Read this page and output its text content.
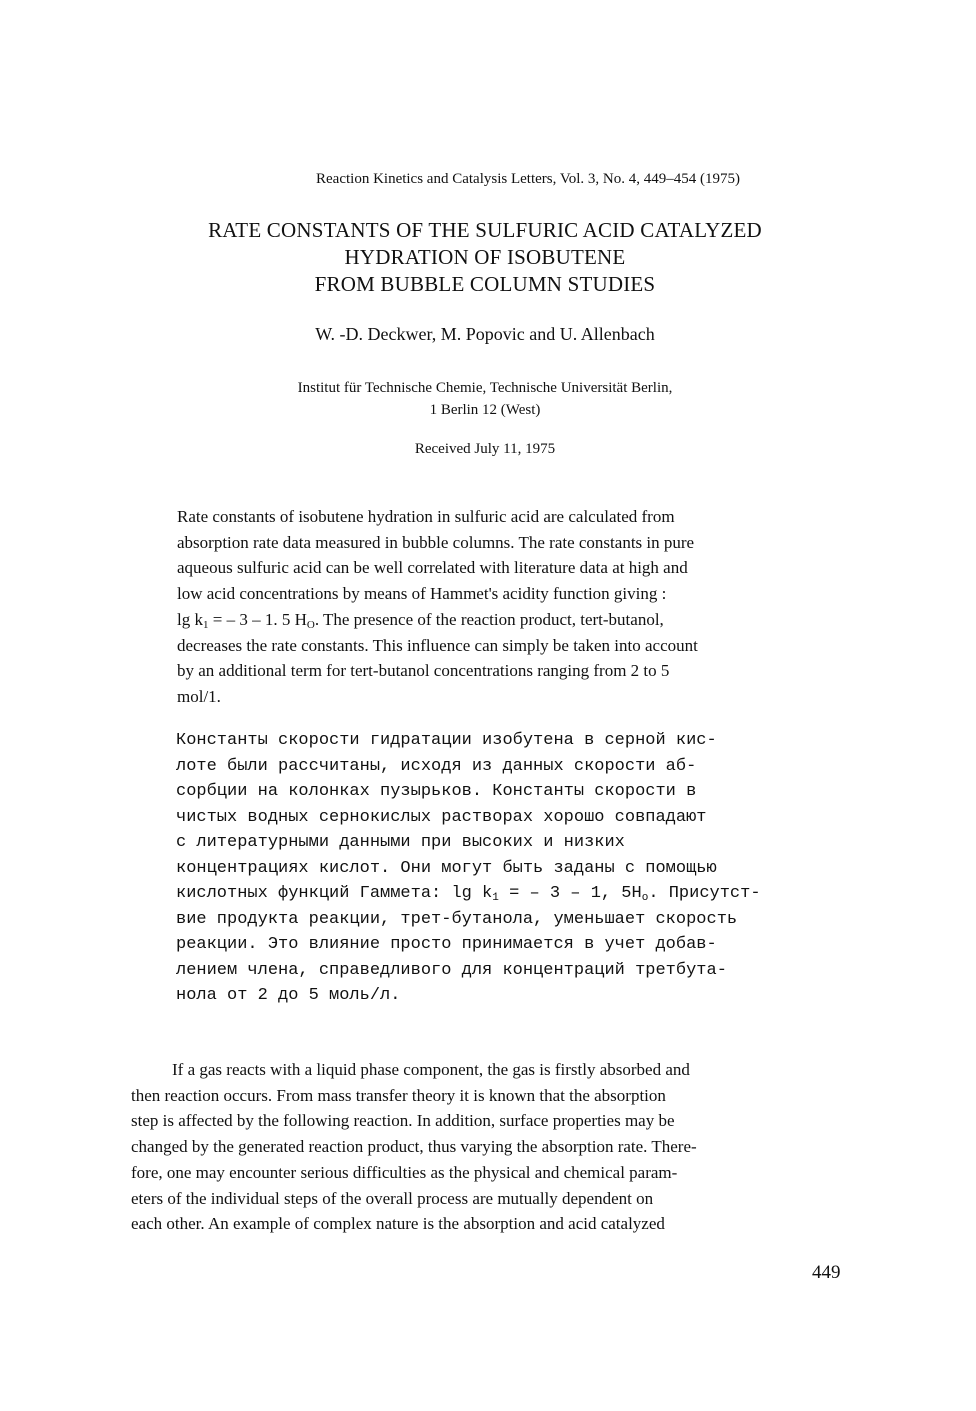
Reaction Kinetics and Catalysis Letters, Vol. 3, No. 4, 449–454 (1975)
RATE CONSTANTS OF THE SULFURIC ACID CATALYZED
HYDRATION OF ISOBUTENE
FROM BUBBLE COLUMN STUDIES
W. -D. Deckwer, M. Popovic and U. Allenbach
Institut für Technische Chemie, Technische Universität Berlin,
1 Berlin 12 (West)
Received July 11, 1975
Rate constants of isobutene hydration in sulfuric acid are calculated from
absorption rate data measured in bubble columns. The rate constants in pure
aqueous sulfuric acid can be well correlated with literature data at high and
low acid concentrations by means of Hammet's acidity function giving :
$\lg k_1$ = – 3 – 1. 5 $H_O$. The presence of the reaction product, tert-butanol,
decreases the rate constants. This influence can simply be taken into account
by an additional term for tert-butanol concentrations ranging from 2 to 5
mol/1.
Константы скорости гидратации изобутена в серной кис-
лоте были рассчитаны, исходя из данных скорости аб-
сорбции на колонках пузырьков. Константы скорости в
чистых водных сернокислых растворах хорошо совпадают
с литературными данными при высоких и низких
концентрациях кислот. Они могут быть заданы с помощью
кислотных функций Гаммета: $\lg k_1$ = – 3 – 1, $5H_o$. Присутст-
вие продукта реакции, трет-бутанола, уменьшает скорость
реакции. Это влияние просто принимается в учет добав-
лением члена, справедливого для концентраций третбута-
нола от 2 до 5 моль/л.
If a gas reacts with a liquid phase component, the gas is firstly absorbed and
then reaction occurs. From mass transfer theory it is known that the absorption
step is affected by the following reaction. In addition, surface properties may be
changed by the generated reaction product, thus varying the absorption rate. There-
fore, one may encounter serious difficulties as the physical and chemical param-
eters of the individual steps of the overall process are mutually dependent on
each other. An example of complex nature is the absorption and acid catalyzed
449
